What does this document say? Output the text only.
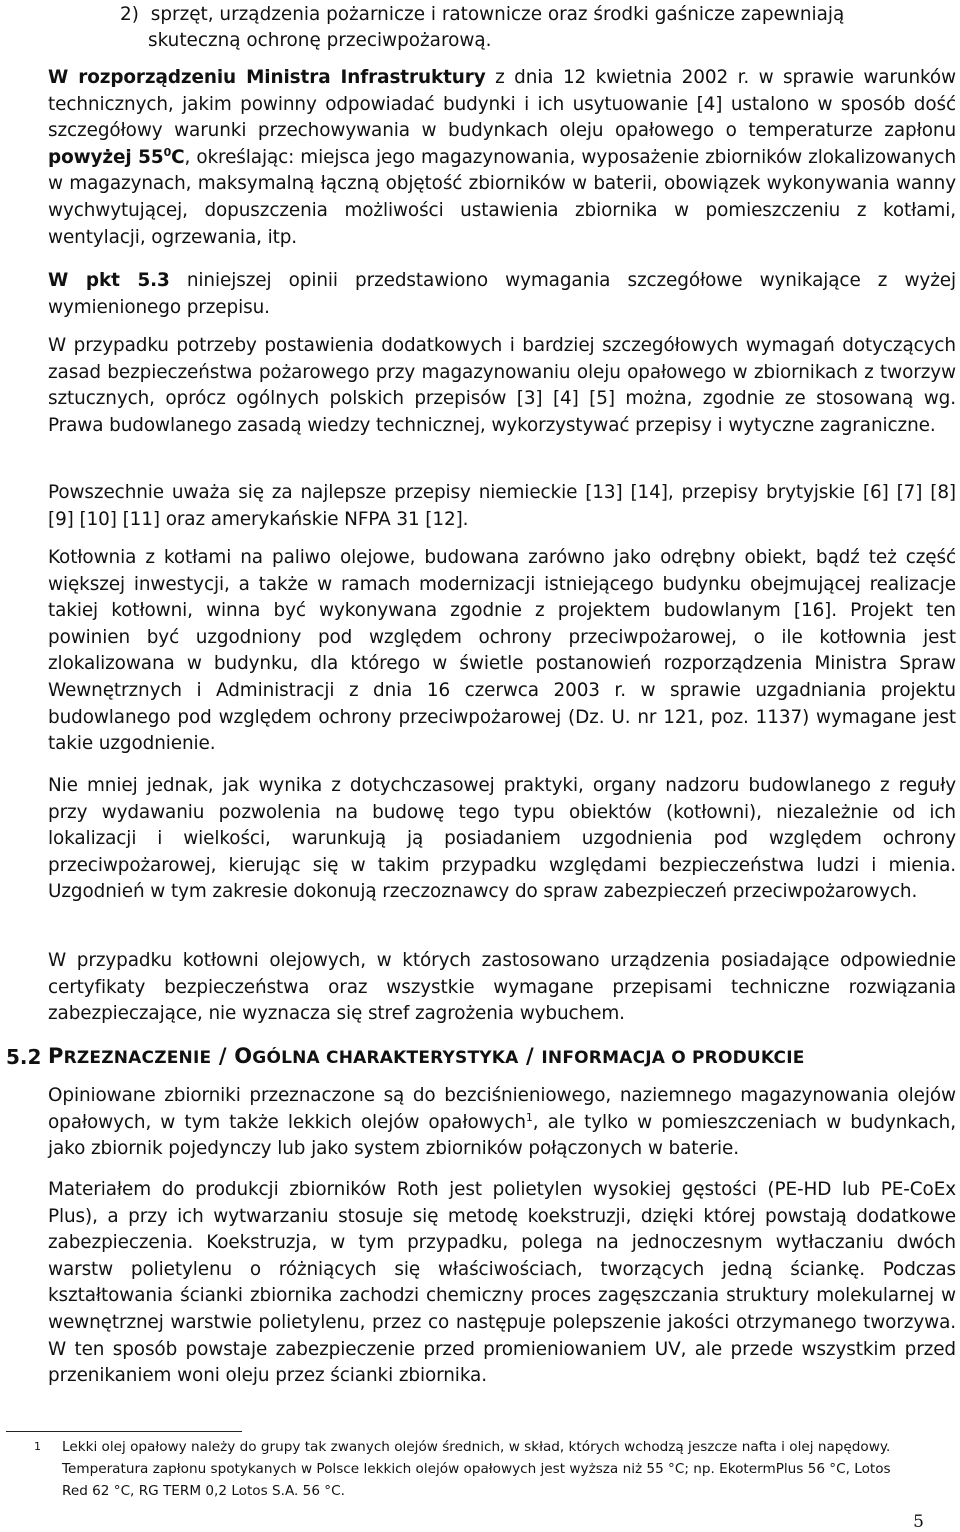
2) sprzęt, urządzenia pożarnicze i ratownicze oraz środki gaśnicze zapewniają
skuteczną ochronę przeciwpożarową.

W rozporządzeniu Ministra Infrastruktury z dnia 12 kwietnia 2002 r. w sprawie warunków technicznych, jakim powinny odpowiadać budynki i ich usytuowanie [4] ustalono w sposób dość szczegółowy warunki przechowywania w budynkach oleju opałowego o temperaturze zapłonu powyżej $55^0C$, określając: miejsca jego magazynowania, wyposażenie zbiorników zlokalizowanych w magazynach, maksymalną łączną objętość zbiorników w baterii, obowiązek wykonywania wanny wychwytującej, dopuszczenia możliwości ustawienia zbiornika w pomieszczeniu z kotłami, wentylacji, ogrzewania, itp.

W pkt 5.3 niniejszej opinii przedstawiono wymagania szczegółowe wynikające z wyżej wymienionego przepisu.

W przypadku potrzeby postawienia dodatkowych i bardziej szczegółowych wymagań dotyczących zasad bezpieczeństwa pożarowego przy magazynowaniu oleju opałowego w zbiornikach z tworzyw sztucznych, oprócz ogólnych polskich przepisów [3] [4] [5] można, zgodnie ze stosowaną wg. Prawa budowlanego zasadą wiedzy technicznej, wykorzystywać przepisy i wytyczne zagraniczne.

Powszechnie uważa się za najlepsze przepisy niemieckie [13] [14], przepisy brytyjskie [6] [7] [8] [9] [10] [11] oraz amerykańskie NFPA 31 [12].

Kotłownia z kotłami na paliwo olejowe, budowana zarówno jako odrębny obiekt, bądź też część większej inwestycji, a także w ramach modernizacji istniejącego budynku obejmującej realizacje takiej kotłowni, winna być wykonywana zgodnie z projektem budowlanym [16]. Projekt ten powinien być uzgodniony pod względem ochrony przeciwpożarowej, o ile kotłownia jest zlokalizowana w budynku, dla którego w świetle postanowień rozporządzenia Ministra Spraw Wewnętrznych i Administracji z dnia 16 czerwca 2003 r. w sprawie uzgadniania projektu budowlanego pod względem ochrony przeciwpożarowej (Dz. U. nr 121, poz. 1137) wymagane jest takie uzgodnienie.

Nie mniej jednak, jak wynika z dotychczasowej praktyki, organy nadzoru budowlanego z reguły przy wydawaniu pozwolenia na budowę tego typu obiektów (kotłowni), niezależnie od ich lokalizacji i wielkości, warunkują ją posiadaniem uzgodnienia pod względem ochrony przeciwpożarowej, kierując się w takim przypadku względami bezpieczeństwa ludzi i mienia. Uzgodnień w tym zakresie dokonują rzeczoznawcy do spraw zabezpieczeń przeciwpożarowych.

W przypadku kotłowni olejowych, w których zastosowano urządzenia posiadające odpowiednie certyfikaty bezpieczeństwa oraz wszystkie wymagane przepisami techniczne rozwiązania zabezpieczające, nie wyznacza się stref zagrożenia wybuchem.

5.2 PRZEZNACZENIE / OGÓLNA CHARAKTERYSTYKA / INFORMACJA O PRODUKCIE

Opiniowane zbiorniki przeznaczone są do bezciśnieniowego, naziemnego magazynowania olejów opałowych, w tym także lekkich olejów opałowych$^1$, ale tylko w pomieszczeniach w budynkach, jako zbiornik pojedynczy lub jako system zbiorników połączonych w baterie.

Materiałem do produkcji zbiorników Roth jest polietylen wysokiej gęstości (PE-HD lub PE-CoEx Plus), a przy ich wytwarzaniu stosuje się metodę koekstruzji, dzięki której powstają dodatkowe zabezpieczenia. Koekstruzja, w tym przypadku, polega na jednoczesnym wytłaczaniu dwóch warstw polietylenu o różniących się właściwościach, tworzących jedną ściankę. Podczas kształtowania ścianki zbiornika zachodzi chemiczny proces zagęszczania struktury molekularnej w wewnętrznej warstwie polietylenu, przez co następuje polepszenie jakości otrzymanego tworzywa. W ten sposób powstaje zabezpieczenie przed promieniowaniem UV, ale przede wszystkim przed przenikaniem woni oleju przez ścianki zbiornika.

1 Lekki olej opałowy należy do grupy tak zwanych olejów średnich, w skład, których wchodzą jeszcze nafta i olej napędowy.
Temperatura zapłonu spotykanych w Polsce lekkich olejów opałowych jest wyższa niż 55 °C; np. EkotermPlus 56 °C, Lotos
Red 62 °C, RG TERM 0,2 Lotos S.A. 56 °C.
5
